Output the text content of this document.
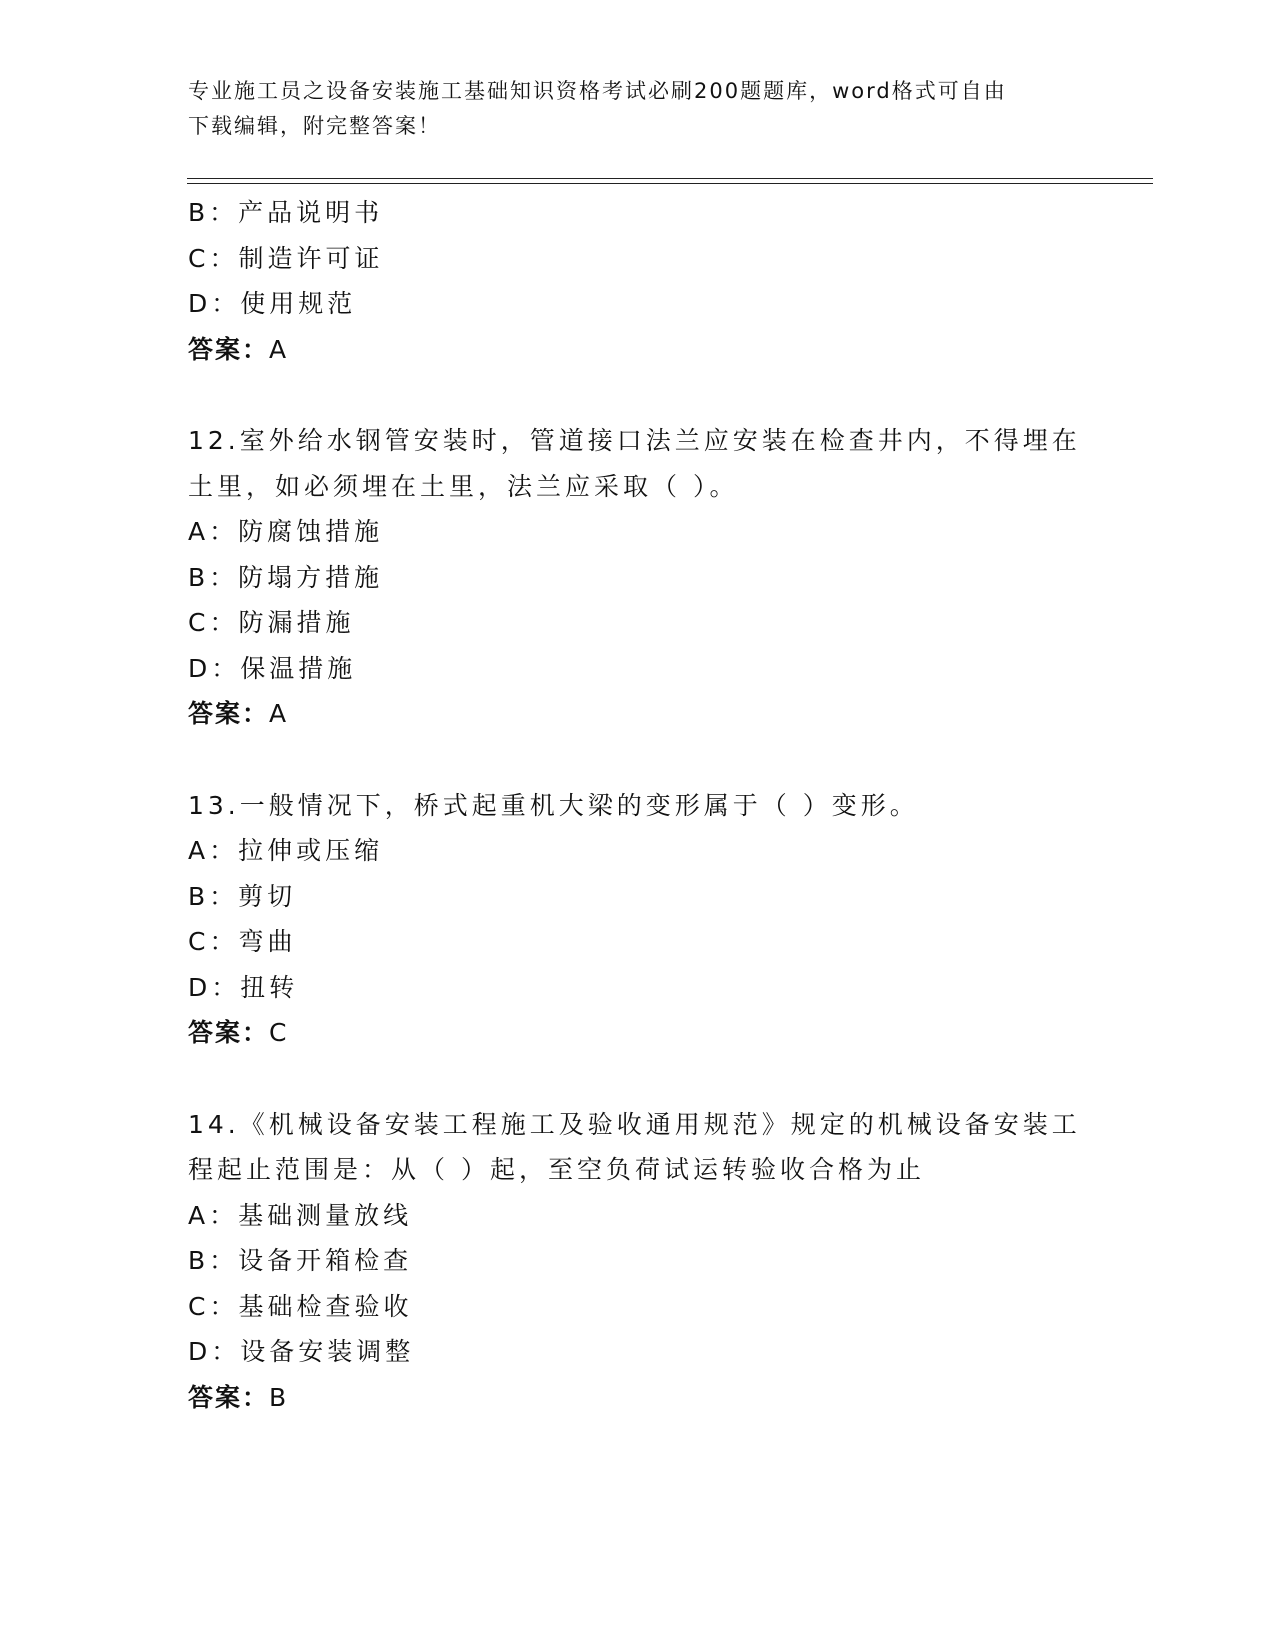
专业施工员之设备安装施工基础知识资格考试必刷200题题库，word格式可自由
下载编辑，附完整答案！
B：产品说明书
C：制造许可证
D：使用规范
答案：A
12.室外给水钢管安装时，管道接口法兰应安装在检查井内，不得埋在
土里，如必须埋在土里，法兰应采取（ ）。
A：防腐蚀措施
B：防塌方措施
C：防漏措施
D：保温措施
答案：A
13.一般情况下，桥式起重机大梁的变形属于（ ）变形。
A：拉伸或压缩
B：剪切
C：弯曲
D：扭转
答案：C
14.《机械设备安装工程施工及验收通用规范》规定的机械设备安装工
程起止范围是：从（ ）起，至空负荷试运转验收合格为止
A：基础测量放线
B：设备开箱检查
C：基础检查验收
D：设备安装调整
答案：B
